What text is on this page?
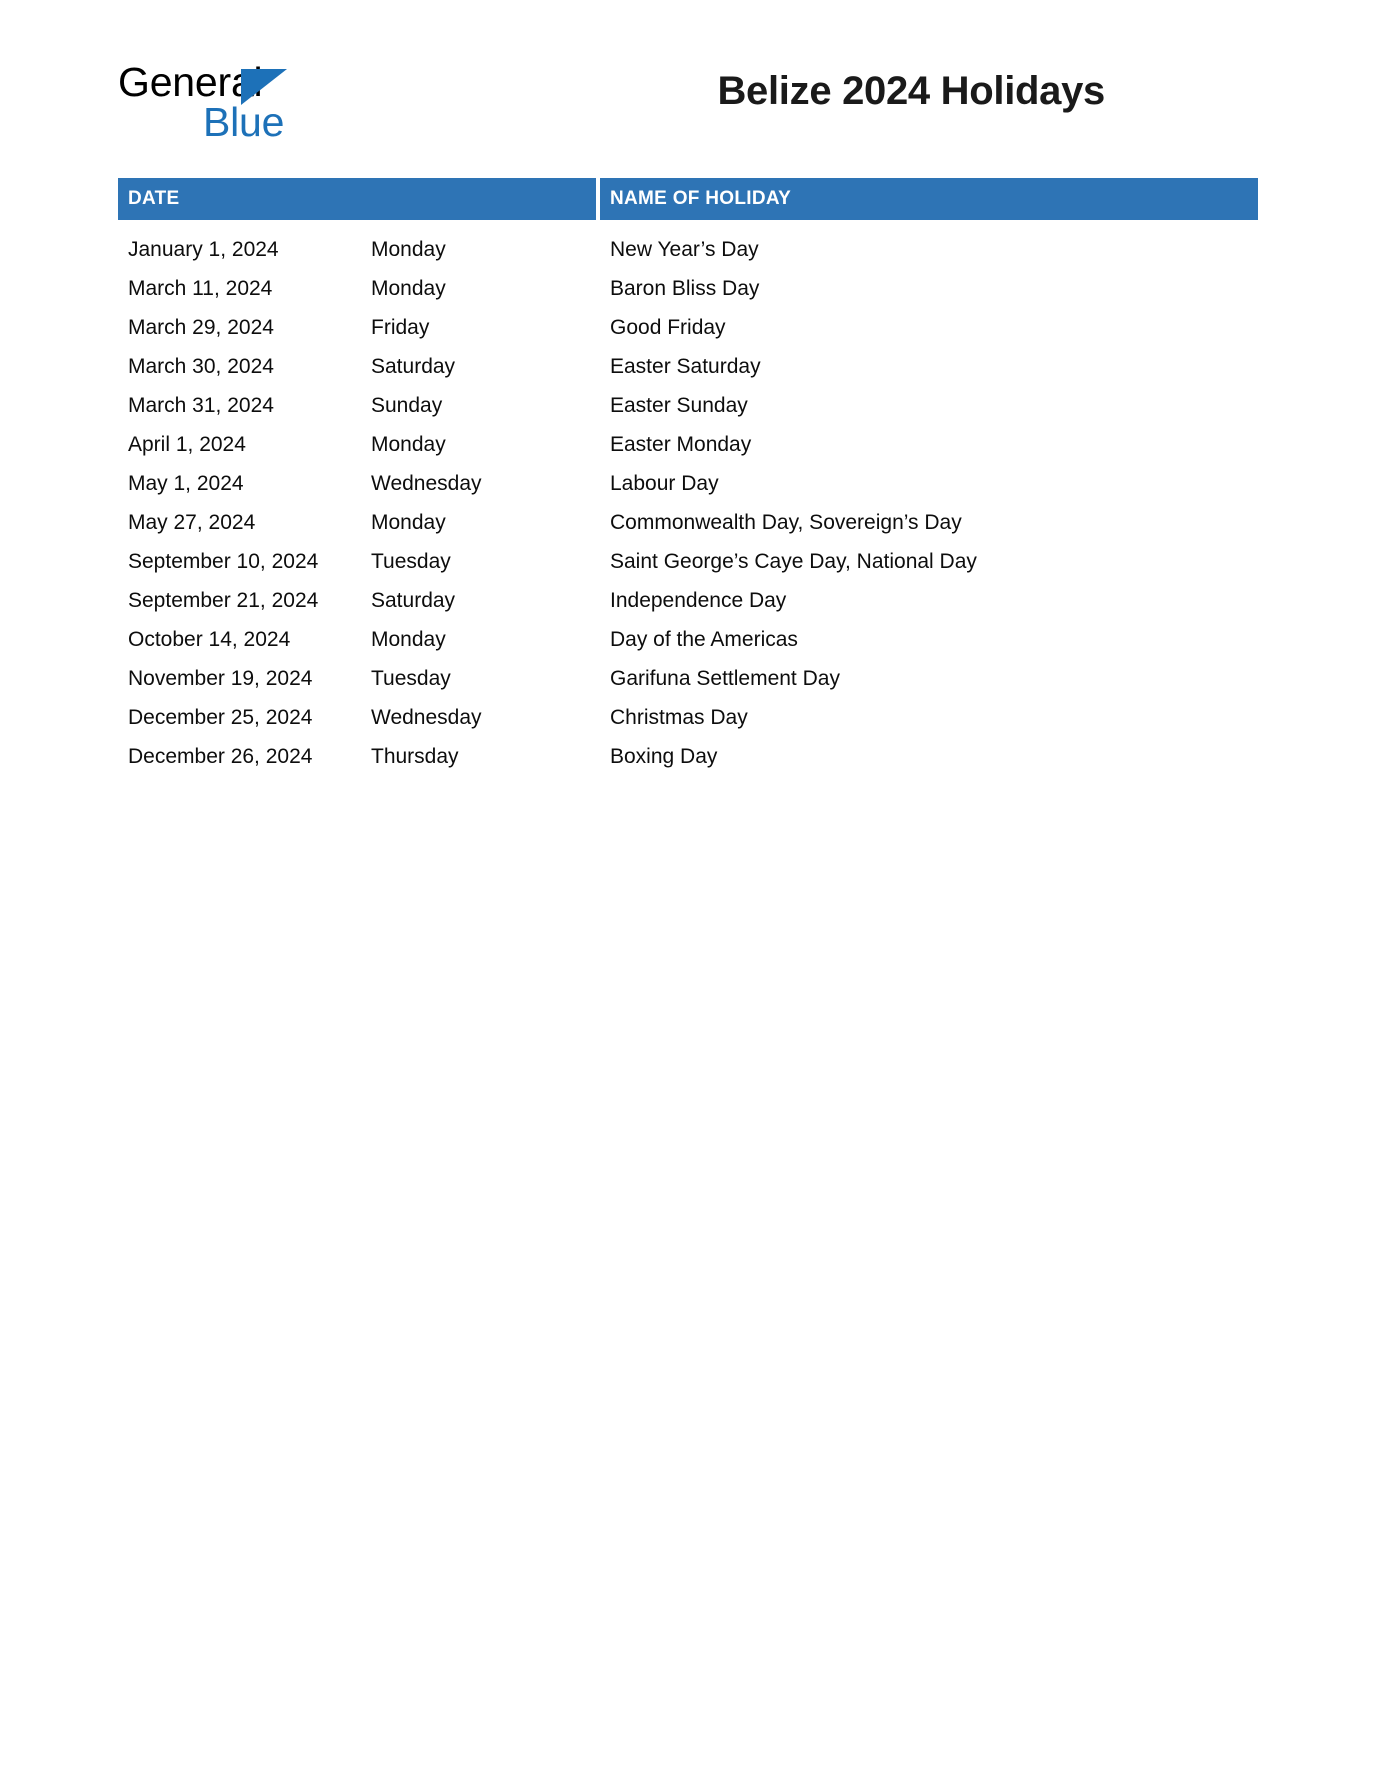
General
Blue
Belize 2024 Holidays
DATE	NAME OF HOLIDAY
January 1, 2024	Monday	New Year’s Day
March 11, 2024	Monday	Baron Bliss Day
March 29, 2024	Friday	Good Friday
March 30, 2024	Saturday	Easter Saturday
March 31, 2024	Sunday	Easter Sunday
April 1, 2024	Monday	Easter Monday
May 1, 2024	Wednesday	Labour Day
May 27, 2024	Monday	Commonwealth Day, Sovereign’s Day
September 10, 2024	Tuesday	Saint George’s Caye Day, National Day
September 21, 2024	Saturday	Independence Day
October 14, 2024	Monday	Day of the Americas
November 19, 2024	Tuesday	Garifuna Settlement Day
December 25, 2024	Wednesday	Christmas Day
December 26, 2024	Thursday	Boxing Day
